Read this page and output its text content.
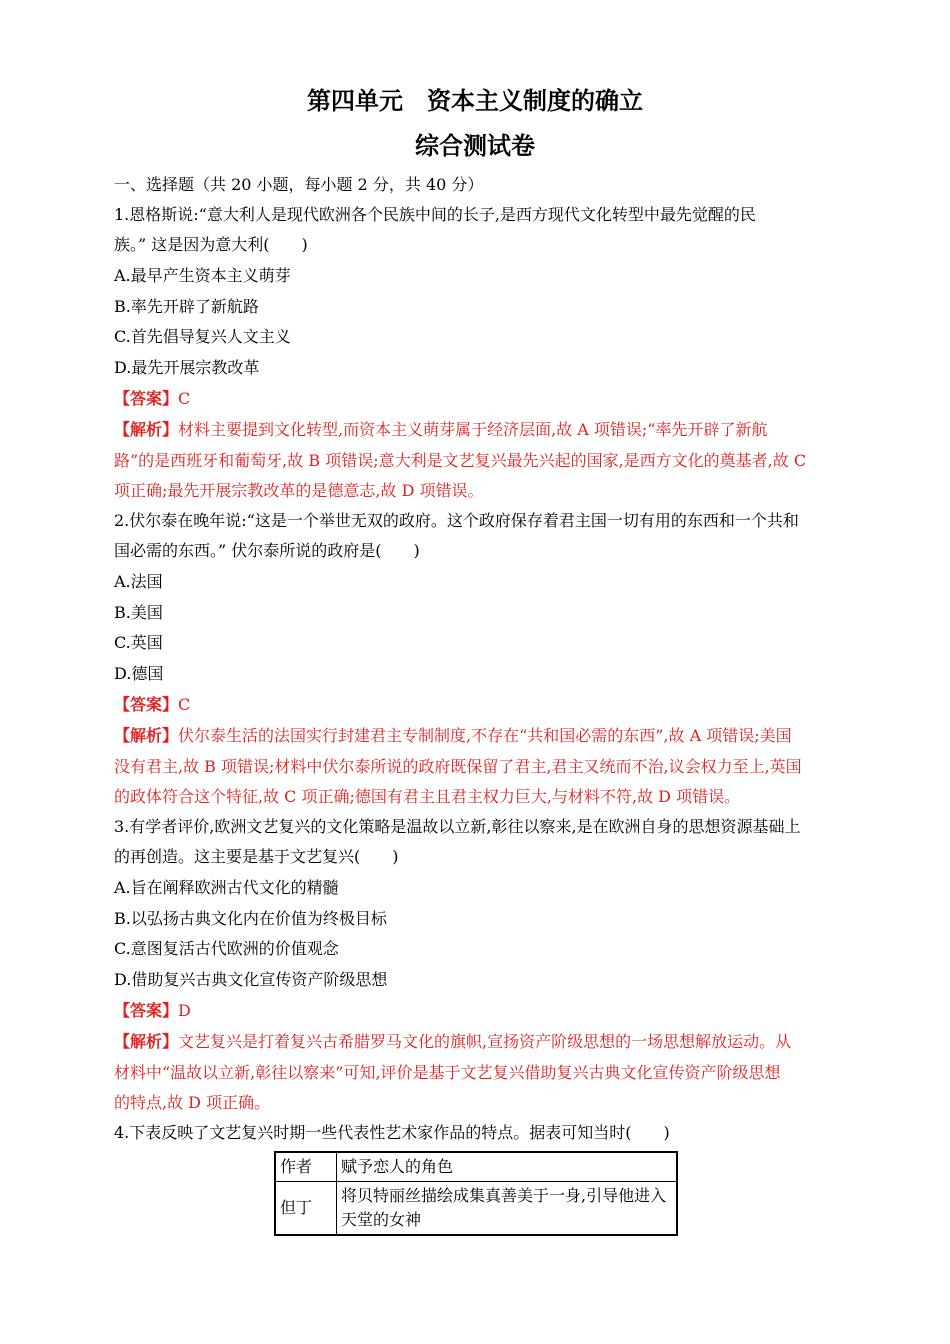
第四单元　资本主义制度的确立
综合测试卷
一、选择题（共 20 小题，每小题 2 分，共 40 分）
1.恩格斯说:“意大利人是现代欧洲各个民族中间的长子,是西方现代文化转型中最先觉醒的民
族。” 这是因为意大利(　　)
A.最早产生资本主义萌芽
B.率先开辟了新航路
C.首先倡导复兴人文主义
D.最先开展宗教改革
【答案】C
【解析】材料主要提到文化转型,而资本主义萌芽属于经济层面,故 A 项错误;“率先开辟了新航
路”的是西班牙和葡萄牙,故 B 项错误;意大利是文艺复兴最先兴起的国家,是西方文化的奠基者,故 C
项正确;最先开展宗教改革的是德意志,故 D 项错误。
2.伏尔泰在晚年说:“这是一个举世无双的政府。这个政府保存着君主国一切有用的东西和一个共和
国必需的东西。” 伏尔泰所说的政府是(　　)
A.法国
B.美国
C.英国
D.德国
【答案】C
【解析】伏尔泰生活的法国实行封建君主专制制度,不存在“共和国必需的东西”,故 A 项错误;美国
没有君主,故 B 项错误;材料中伏尔泰所说的政府既保留了君主,君主又统而不治,议会权力至上,英国
的政体符合这个特征,故 C 项正确;德国有君主且君主权力巨大,与材料不符,故 D 项错误。
3.有学者评价,欧洲文艺复兴的文化策略是温故以立新,彰往以察来,是在欧洲自身的思想资源基础上
的再创造。这主要是基于文艺复兴(　　)
A.旨在阐释欧洲古代文化的精髓
B.以弘扬古典文化内在价值为终极目标
C.意图复活古代欧洲的价值观念
D.借助复兴古典文化宣传资产阶级思想
【答案】D
【解析】文艺复兴是打着复兴古希腊罗马文化的旗帜,宣扬资产阶级思想的一场思想解放运动。从
材料中“温故以立新,彰往以察来”可知,评价是基于文艺复兴借助复兴古典文化宣传资产阶级思想
的特点,故 D 项正确。
4.下表反映了文艺复兴时期一些代表性艺术家作品的特点。据表可知当时(　　)
作者	赋予恋人的角色
但丁	将贝特丽丝描绘成集真善美于一身,引导他进入天堂的女神
